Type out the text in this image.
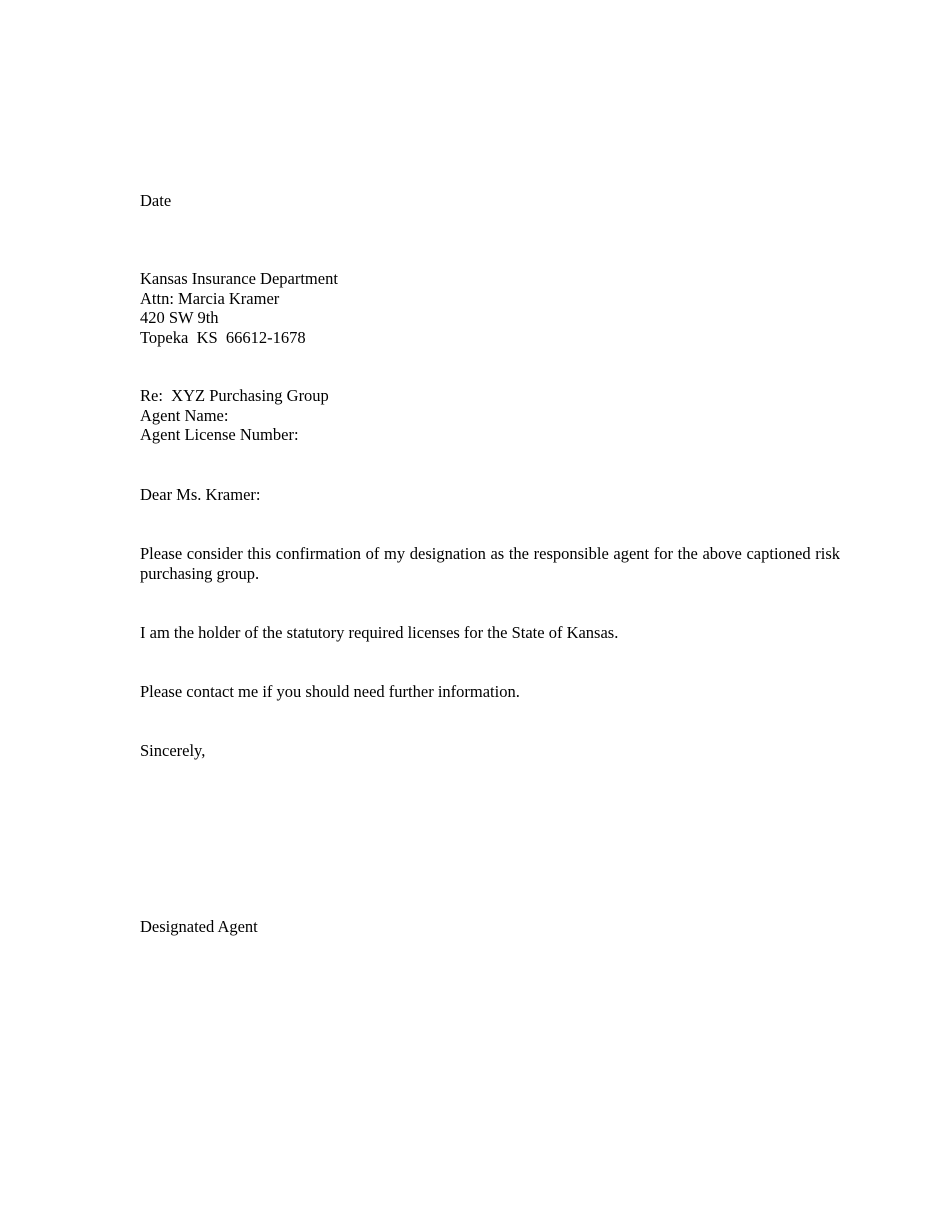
Date
Kansas Insurance Department
Attn: Marcia Kramer
420 SW 9th
Topeka  KS  66612-1678
Re:  XYZ Purchasing Group
Agent Name:
Agent License Number:
Dear Ms. Kramer:
Please consider this confirmation of my designation as the responsible agent for the above captioned risk purchasing group.
I am the holder of the statutory required licenses for the State of Kansas.
Please contact me if you should need further information.
Sincerely,
Designated Agent
